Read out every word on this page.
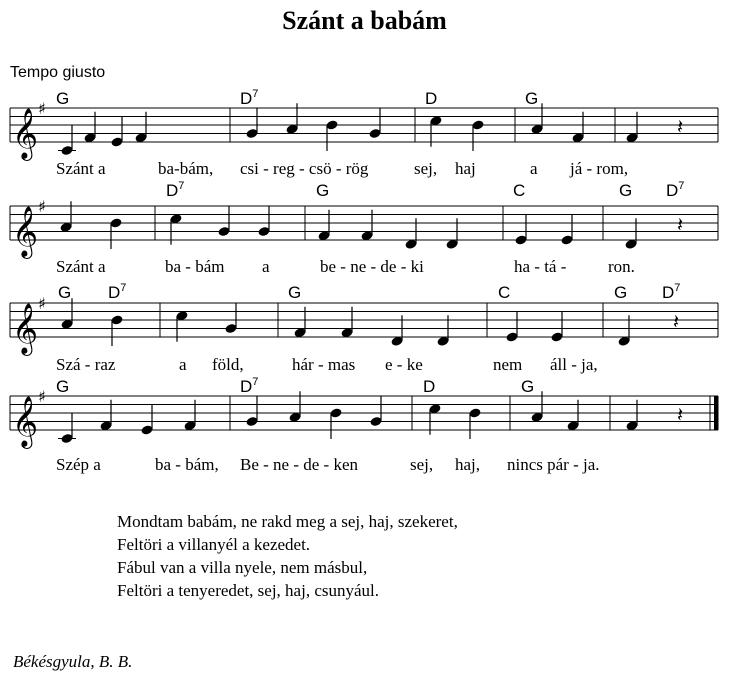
Szánt a babám
Tempo giusto
𝄞 ♯
𝄞 ♯
𝄞 ♯
𝄞 ♯
𝄽
𝄽
𝄽
𝄽
G	$D^7$	D	G
$D^7$	G	C	G $D^7$
G $D^7$	G	C	G $D^7$
G	$D^7$	D	G
Szánt a	ba-bám, csi - reg - csö - rög	sej, haj	a já - rom,
Szánt a	ba - bám a	be - ne - de - ki	ha - tá - ron.
Szá - raz	a föld,	hár - mas e - ke	nem áll - ja,
Szép a	ba - bám, Be - ne - de - ken	sej, haj, nincs pár - ja.
Mondtam babám, ne rakd meg a sej, haj, szekeret,
Feltöri a villanyél a kezedet.
Fábul van a villa nyele, nem másbul,
Feltöri a tenyeredet, sej, haj, csunyául.
Békésgyula, B. B.
